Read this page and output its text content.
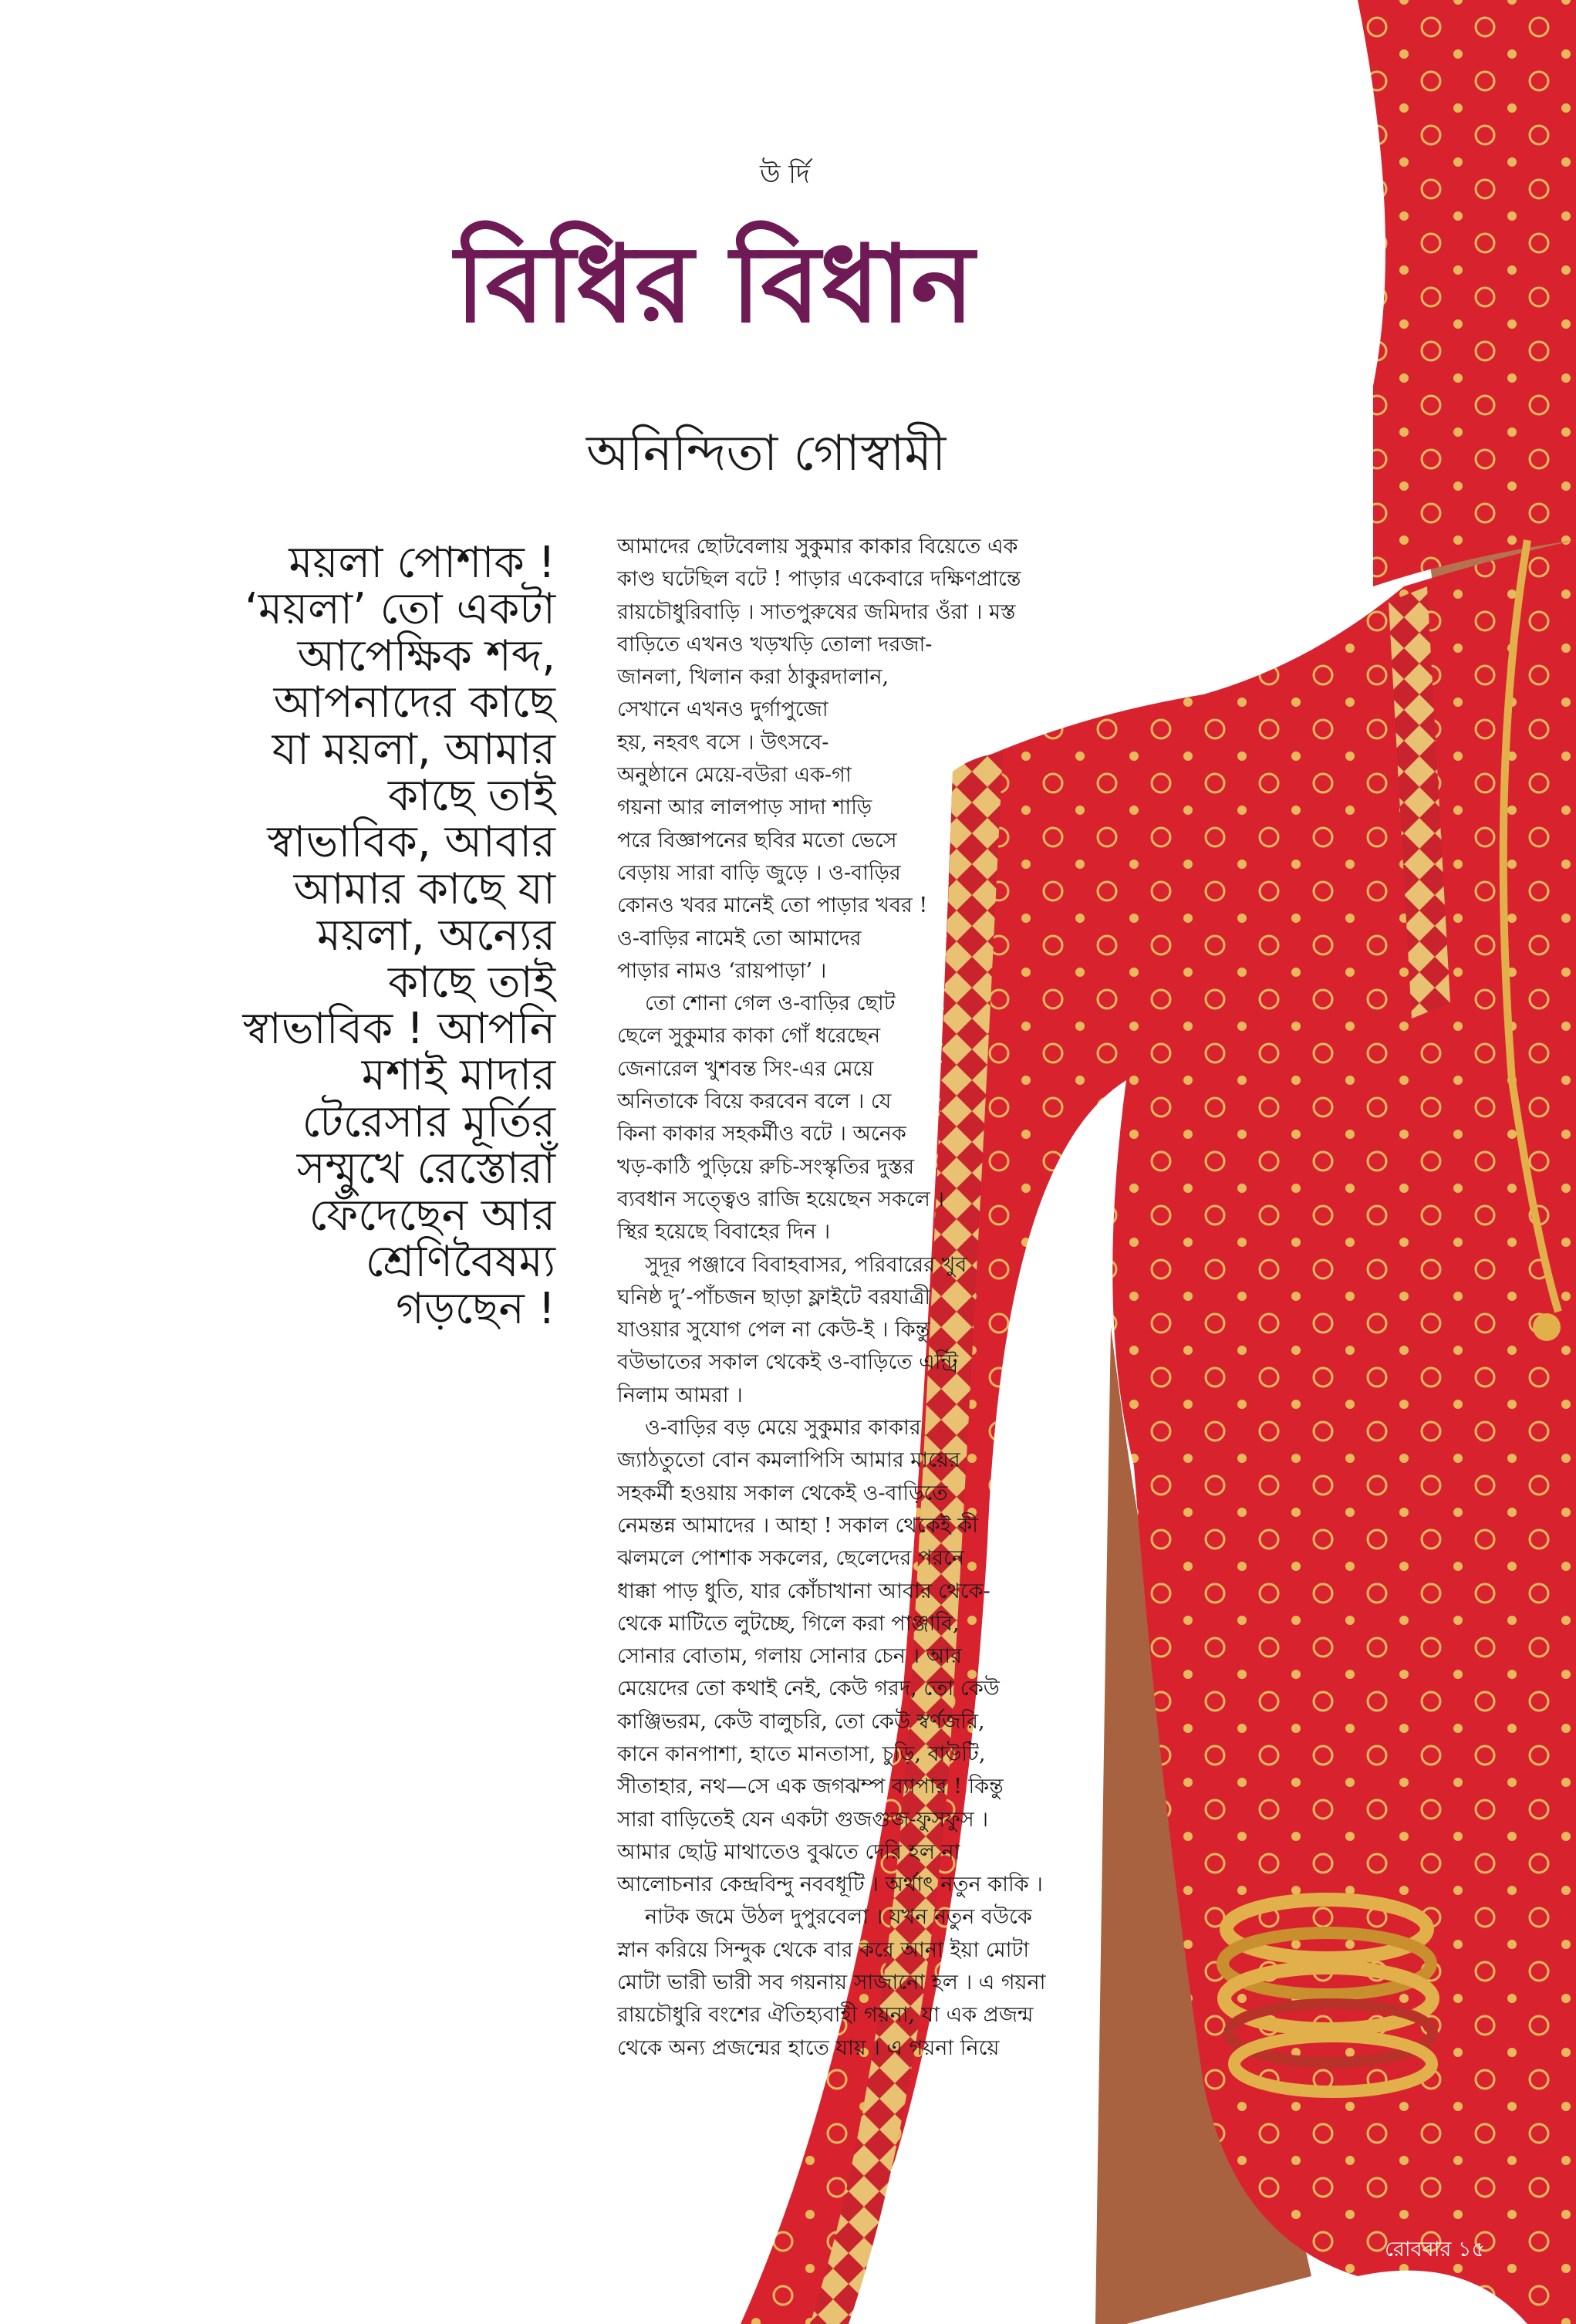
উ র্দি
বিধির বিধান
অনিন্দিতা গোস্বামী
ময়লা পোশাক !
‘ময়লা’ তো একটা
আপেক্ষিক শব্দ,
আপনাদের কাছে
যা ময়লা, আমার
কাছে তাই
স্বাভাবিক, আবার
আমার কাছে যা
ময়লা, অন্যের
কাছে তাই
স্বাভাবিক ! আপনি
মশাই মাদার
টেরেসার মূর্তির
সম্মুখে রেস্তোরাঁ
ফেঁদেছেন আর
শ্রেণিবৈষম্য
গড়ছেন !
আমাদের ছোটবেলায় সুকুমার কাকার বিয়েতে এক
কাণ্ড ঘটেছিল বটে ! পাড়ার একেবারে দক্ষিণপ্রান্তে
রায়চৌধুরিবাড়ি । সাতপুরুষের জমিদার ওঁরা । মস্ত
বাড়িতে এখনও খড়খড়ি তোলা দরজা-
জানলা, খিলান করা ঠাকুরদালান,
সেখানে এখনও দুর্গাপুজো
হয়, নহবৎ বসে । উৎসবে-
অনুষ্ঠানে মেয়ে-বউরা এক-গা
গয়না আর লালপাড় সাদা শাড়ি
পরে বিজ্ঞাপনের ছবির মতো ভেসে
বেড়ায় সারা বাড়ি জুড়ে । ও-বাড়ির
কোনও খবর মানেই তো পাড়ার খবর !
ও-বাড়ির নামেই তো আমাদের
পাড়ার নামও ‘রায়পাড়া’ ।
তো শোনা গেল ও-বাড়ির ছোট
ছেলে সুকুমার কাকা গোঁ ধরেছেন
জেনারেল খুশবন্ত সিং-এর মেয়ে
অনিতাকে বিয়ে করবেন বলে । যে
কিনা কাকার সহকর্মীও বটে । অনেক
খড়-কাঠি পুড়িয়ে রুচি-সংস্কৃতির দুস্তর
ব্যবধান সত্ত্বেও রাজি হয়েছেন সকলে ।
স্থির হয়েছে বিবাহের দিন ।
সুদূর পঞ্জাবে বিবাহবাসর, পরিবারের খুব
ঘনিষ্ঠ দু’-পাঁচজন ছাড়া ফ্লাইটে বরযাত্রী
যাওয়ার সুযোগ পেল না কেউ-ই । কিন্তু
বউভাতের সকাল থেকেই ও-বাড়িতে এন্ট্রি
নিলাম আমরা ।
ও-বাড়ির বড় মেয়ে সুকুমার কাকার
জ্যাঠতুতো বোন কমলাপিসি আমার মায়ের
সহকর্মী হওয়ায় সকাল থেকেই ও-বাড়িতে
নেমন্তন্ন আমাদের । আহা ! সকাল থেকেই কী
ঝলমলে পোশাক সকলের, ছেলেদের পরনে
ধাক্কা পাড় ধুতি, যার কোঁচাখানা আবার থেকে-
থেকে মাটিতে লুটচ্ছে, গিলে করা পাঞ্জাবি,
সোনার বোতাম, গলায় সোনার চেন । আর
মেয়েদের তো কথাই নেই, কেউ গরদ, তো কেউ
কাঞ্জিভরম, কেউ বালুচরি, তো কেউ স্বর্ণজরি,
কানে কানপাশা, হাতে মানতাসা, চুড়ি, বাউটি,
সীতাহার, নথ—সে এক জগঝম্প ব্যাপার ! কিন্তু
সারা বাড়িতেই যেন একটা গুজগুজ-ফুসফুস ।
আমার ছোট্ট মাথাতেও বুঝতে দেরি হল না
আলোচনার কেন্দ্রবিন্দু নববধূটি । অর্থাৎ নতুন কাকি ।
নাটক জমে উঠল দুপুরবেলা । যখন নতুন বউকে
স্নান করিয়ে সিন্দুক থেকে বার করে আনা ইয়া মোটা
মোটা ভারী ভারী সব গয়নায় সাজানো হল । এ গয়না
রায়চৌধুরি বংশের ঐতিহ্যবাহী গয়না, যা এক প্রজন্ম
থেকে অন্য প্রজন্মের হাতে যায় । এ গয়না নিয়ে
রোববার ১৫
